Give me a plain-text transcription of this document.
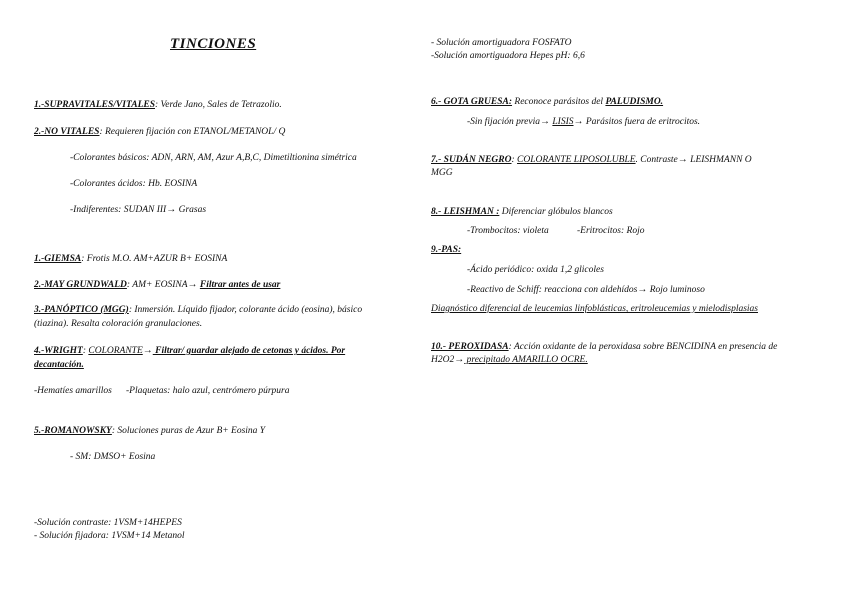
TINCIONES
1.-SUPRAVITALES/VITALES: Verde Jano, Sales de Tetrazolio.
2.-NO VITALES: Requieren fijación con ETANOL/METANOL/ Q
-Colorantes básicos: ADN, ARN, AM, Azur A,B,C, Dimetiltionina simétrica
-Colorantes ácidos: Hb. EOSINA
-Indiferentes: SUDAN III→ Grasas
1.-GIEMSA: Frotis M.O. AM+AZUR B+ EOSINA
2.-MAY GRUNDWALD: AM+ EOSINA→ Filtrar antes de usar
3.-PANÓPTICO (MGG): Inmersión. Líquido fijador, colorante ácido (eosina), básico
(tiazina). Resalta coloración granulaciones.
4.-WRIGHT: COLORANTE→ Filtrar/ guardar alejado de cetonas y ácidos. Por
decantación.
-Hematíes amarillos -Plaquetas: halo azul, centrómero púrpura
5.-ROMANOWSKY: Soluciones puras de Azur B+ Eosina Y
- SM: DMSO+ Eosina
-Solución contraste: 1VSM+14HEPES
- Solución fijadora: 1VSM+14 Metanol
- Solución amortiguadora FOSFATO
-Solución amortiguadora Hepes pH: 6,6
6.- GOTA GRUESA: Reconoce parásitos del PALUDISMO.
-Sin fijación previa→ LISIS→ Parásitos fuera de eritrocitos.
7.- SUDÁN NEGRO: COLORANTE LIPOSOLUBLE. Contraste→ LEISHMANN O
MGG
8.- LEISHMAN : Diferenciar glóbulos blancos
-Trombocitos: violeta	-Eritrocitos: Rojo
9.-PAS:
-Ácido periódico: oxida 1,2 glicoles
-Reactivo de Schiff: reacciona con aldehídos→ Rojo luminoso
Diagnóstico diferencial de leucemias linfoblásticas, eritroleucemias y mielodisplasias
10.- PEROXIDASA: Acción oxidante de la peroxidasa sobre BENCIDINA en presencia de
H2O2→ precipitado AMARILLO OCRE.
